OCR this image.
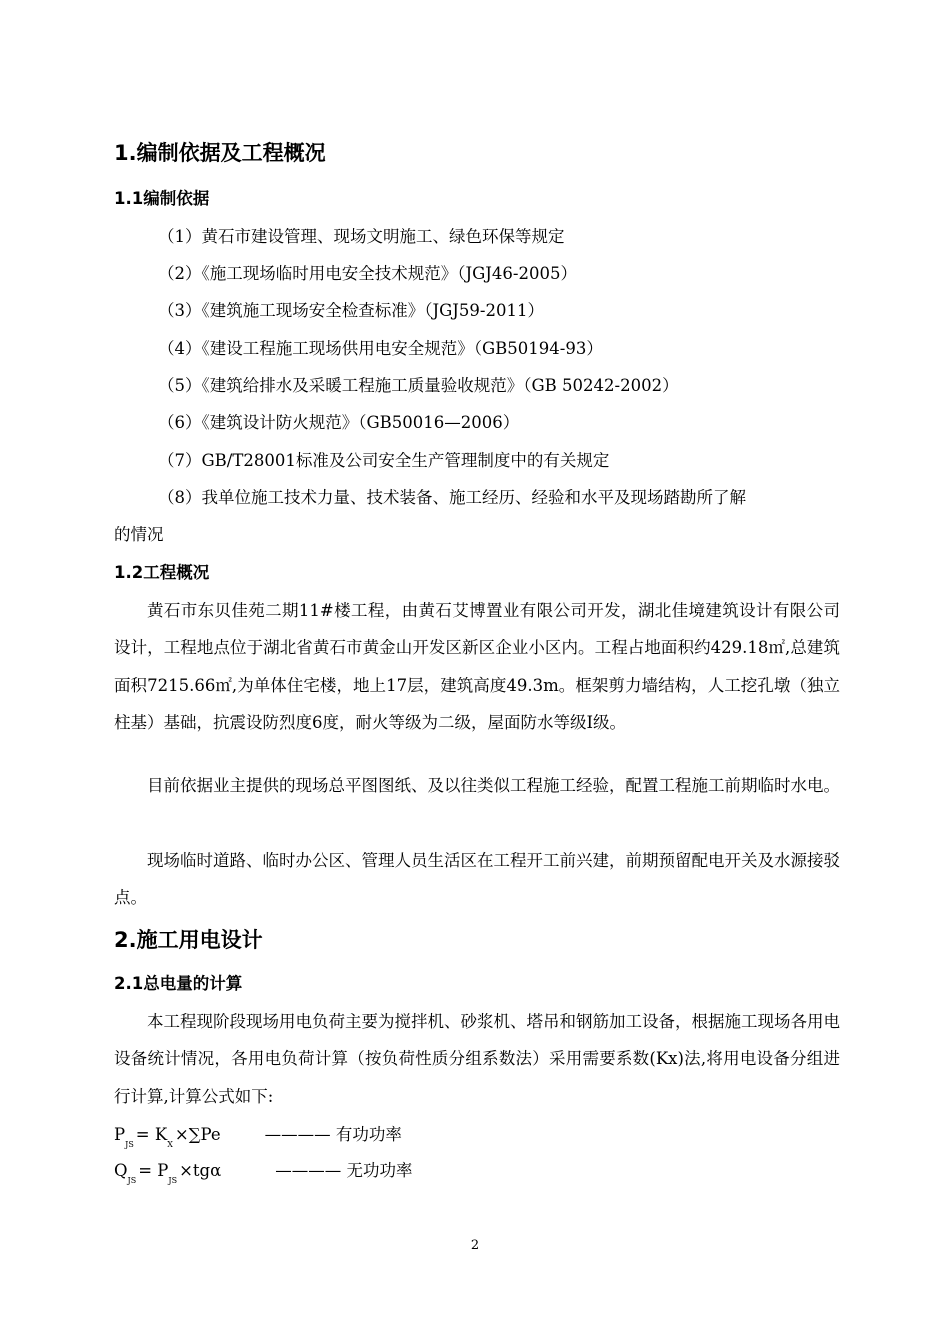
1.编制依据及工程概况
1.1编制依据
（1）黄石市建设管理、现场文明施工、绿色环保等规定
（2）《施工现场临时用电安全技术规范》（JGJ46-2005）
（3）《建筑施工现场安全检查标准》（JGJ59-2011）
（4）《建设工程施工现场供用电安全规范》（GB50194-93）
（5）《建筑给排水及采暖工程施工质量验收规范》（GB 50242-2002）
（6）《建筑设计防火规范》（GB50016—2006）
（7）GB/T28001标准及公司安全生产管理制度中的有关规定
（8）我单位施工技术力量、技术装备、施工经历、经验和水平及现场踏勘所了解
的情况
1.2工程概况
黄石市东贝佳苑二期11#楼工程，由黄石艾博置业有限公司开发，湖北佳境建筑设计有限公司设计，工程地点位于湖北省黄石市黄金山开发区新区企业小区内。工程占地面积约429.18㎡,总建筑面积7215.66㎡,为单体住宅楼，地上17层，建筑高度49.3m。框架剪力墙结构，人工挖孔墩（独立柱基）基础，抗震设防烈度6度，耐火等级为二级，屋面防水等级Ⅰ级。
目前依据业主提供的现场总平图图纸、及以往类似工程施工经验，配置工程施工前期临时水电。
现场临时道路、临时办公区、管理人员生活区在工程开工前兴建，前期预留配电开关及水源接驳点。
2.施工用电设计
2.1总电量的计算
本工程现阶段现场用电负荷主要为搅拌机、砂浆机、塔吊和钢筋加工设备，根据施工现场各用电设备统计情况，各用电负荷计算（按负荷性质分组系数法）采用需要系数(Kx)法,将用电设备分组进行计算,计算公式如下:
$P_{JS}= K_X\times\sum Pe$	———— 有功功率
$Q_{JS}= P_{JS}\times tg\alpha$	———— 无功功率
2
